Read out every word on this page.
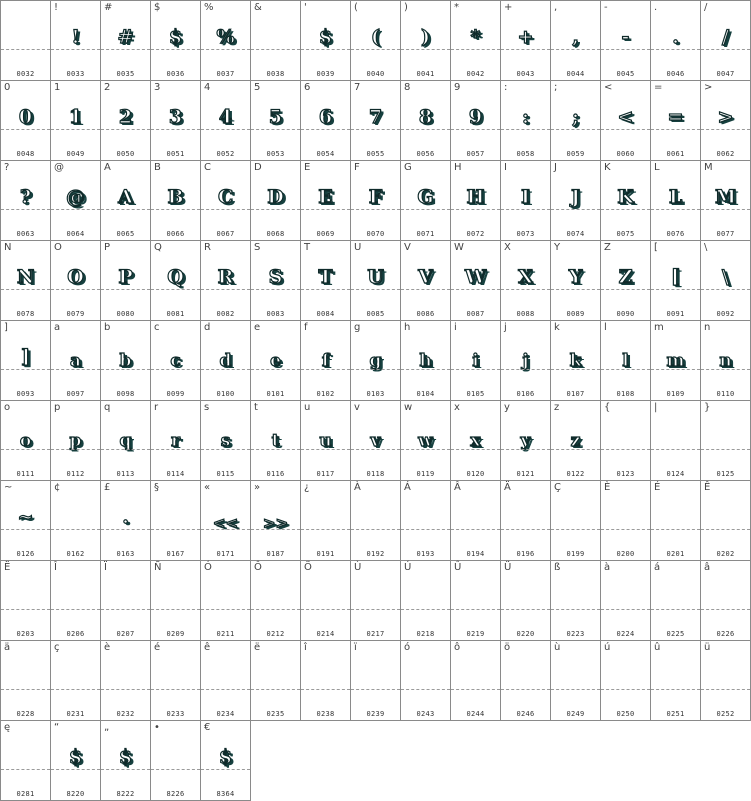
0032
!
!
0033
#
#
0035
$
$
0036
%
%
0037
&
0038
'
$
0039
(
(
0040
)
)
0041
*
*
0042
+
+
0043
,
,
0044
-
-
0045
.
.
0046
/
/
0047
0
0
0048
1
1
0049
2
2
0050
3
3
0051
4
4
0052
5
5
0053
6
6
0054
7
7
0055
8
8
0056
9
9
0057
:
:
0058
;
;
0059
<
<
0060
=
=
0061
>
>
0062
?
?
0063
@
@
0064
A
A
0065
B
B
0066
C
C
0067
D
D
0068
E
E
0069
F
F
0070
G
G
0071
H
H
0072
I
I
0073
J
J
0074
K
K
0075
L
L
0076
M
M
0077
N
N
0078
O
O
0079
P
P
0080
Q
Q
0081
R
R
0082
S
S
0083
T
T
0084
U
U
0085
V
V
0086
W
W
0087
X
X
0088
Y
Y
0089
Z
Z
0090
[
[
0091
\
\
0092
]
]
0093
a
a
0097
b
b
0098
c
c
0099
d
d
0100
e
e
0101
f
f
0102
g
g
0103
h
h
0104
i
i
0105
j
j
0106
k
k
0107
l
l
0108
m
m
0109
n
n
0110
o
o
0111
p
p
0112
q
q
0113
r
r
0114
s
s
0115
t
t
0116
u
u
0117
v
v
0118
w
w
0119
x
x
0120
y
y
0121
z
z
0122
{
0123
|
0124
}
0125
~
~
0126
¢
0162
£
.
0163
§
0167
«
<<
0171
»
>>
0187
¿
0191
À
0192
Á
0193
Â
0194
Ä
0196
Ç
0199
È
0200
É
0201
Ê
0202
Ë
0203
Î
0206
Ï
0207
Ñ
0209
Ó
0211
Ô
0212
Ö
0214
Ù
0217
Ú
0218
Û
0219
Ü
0220
ß
0223
à
0224
á
0225
â
0226
ä
0228
ç
0231
è
0232
é
0233
ê
0234
ë
0235
î
0238
ï
0239
ó
0243
ô
0244
ö
0246
ù
0249
ú
0250
û
0251
ü
0252
ę
0281
“
$
8220
„
$
8222
•
8226
€
$
8364
